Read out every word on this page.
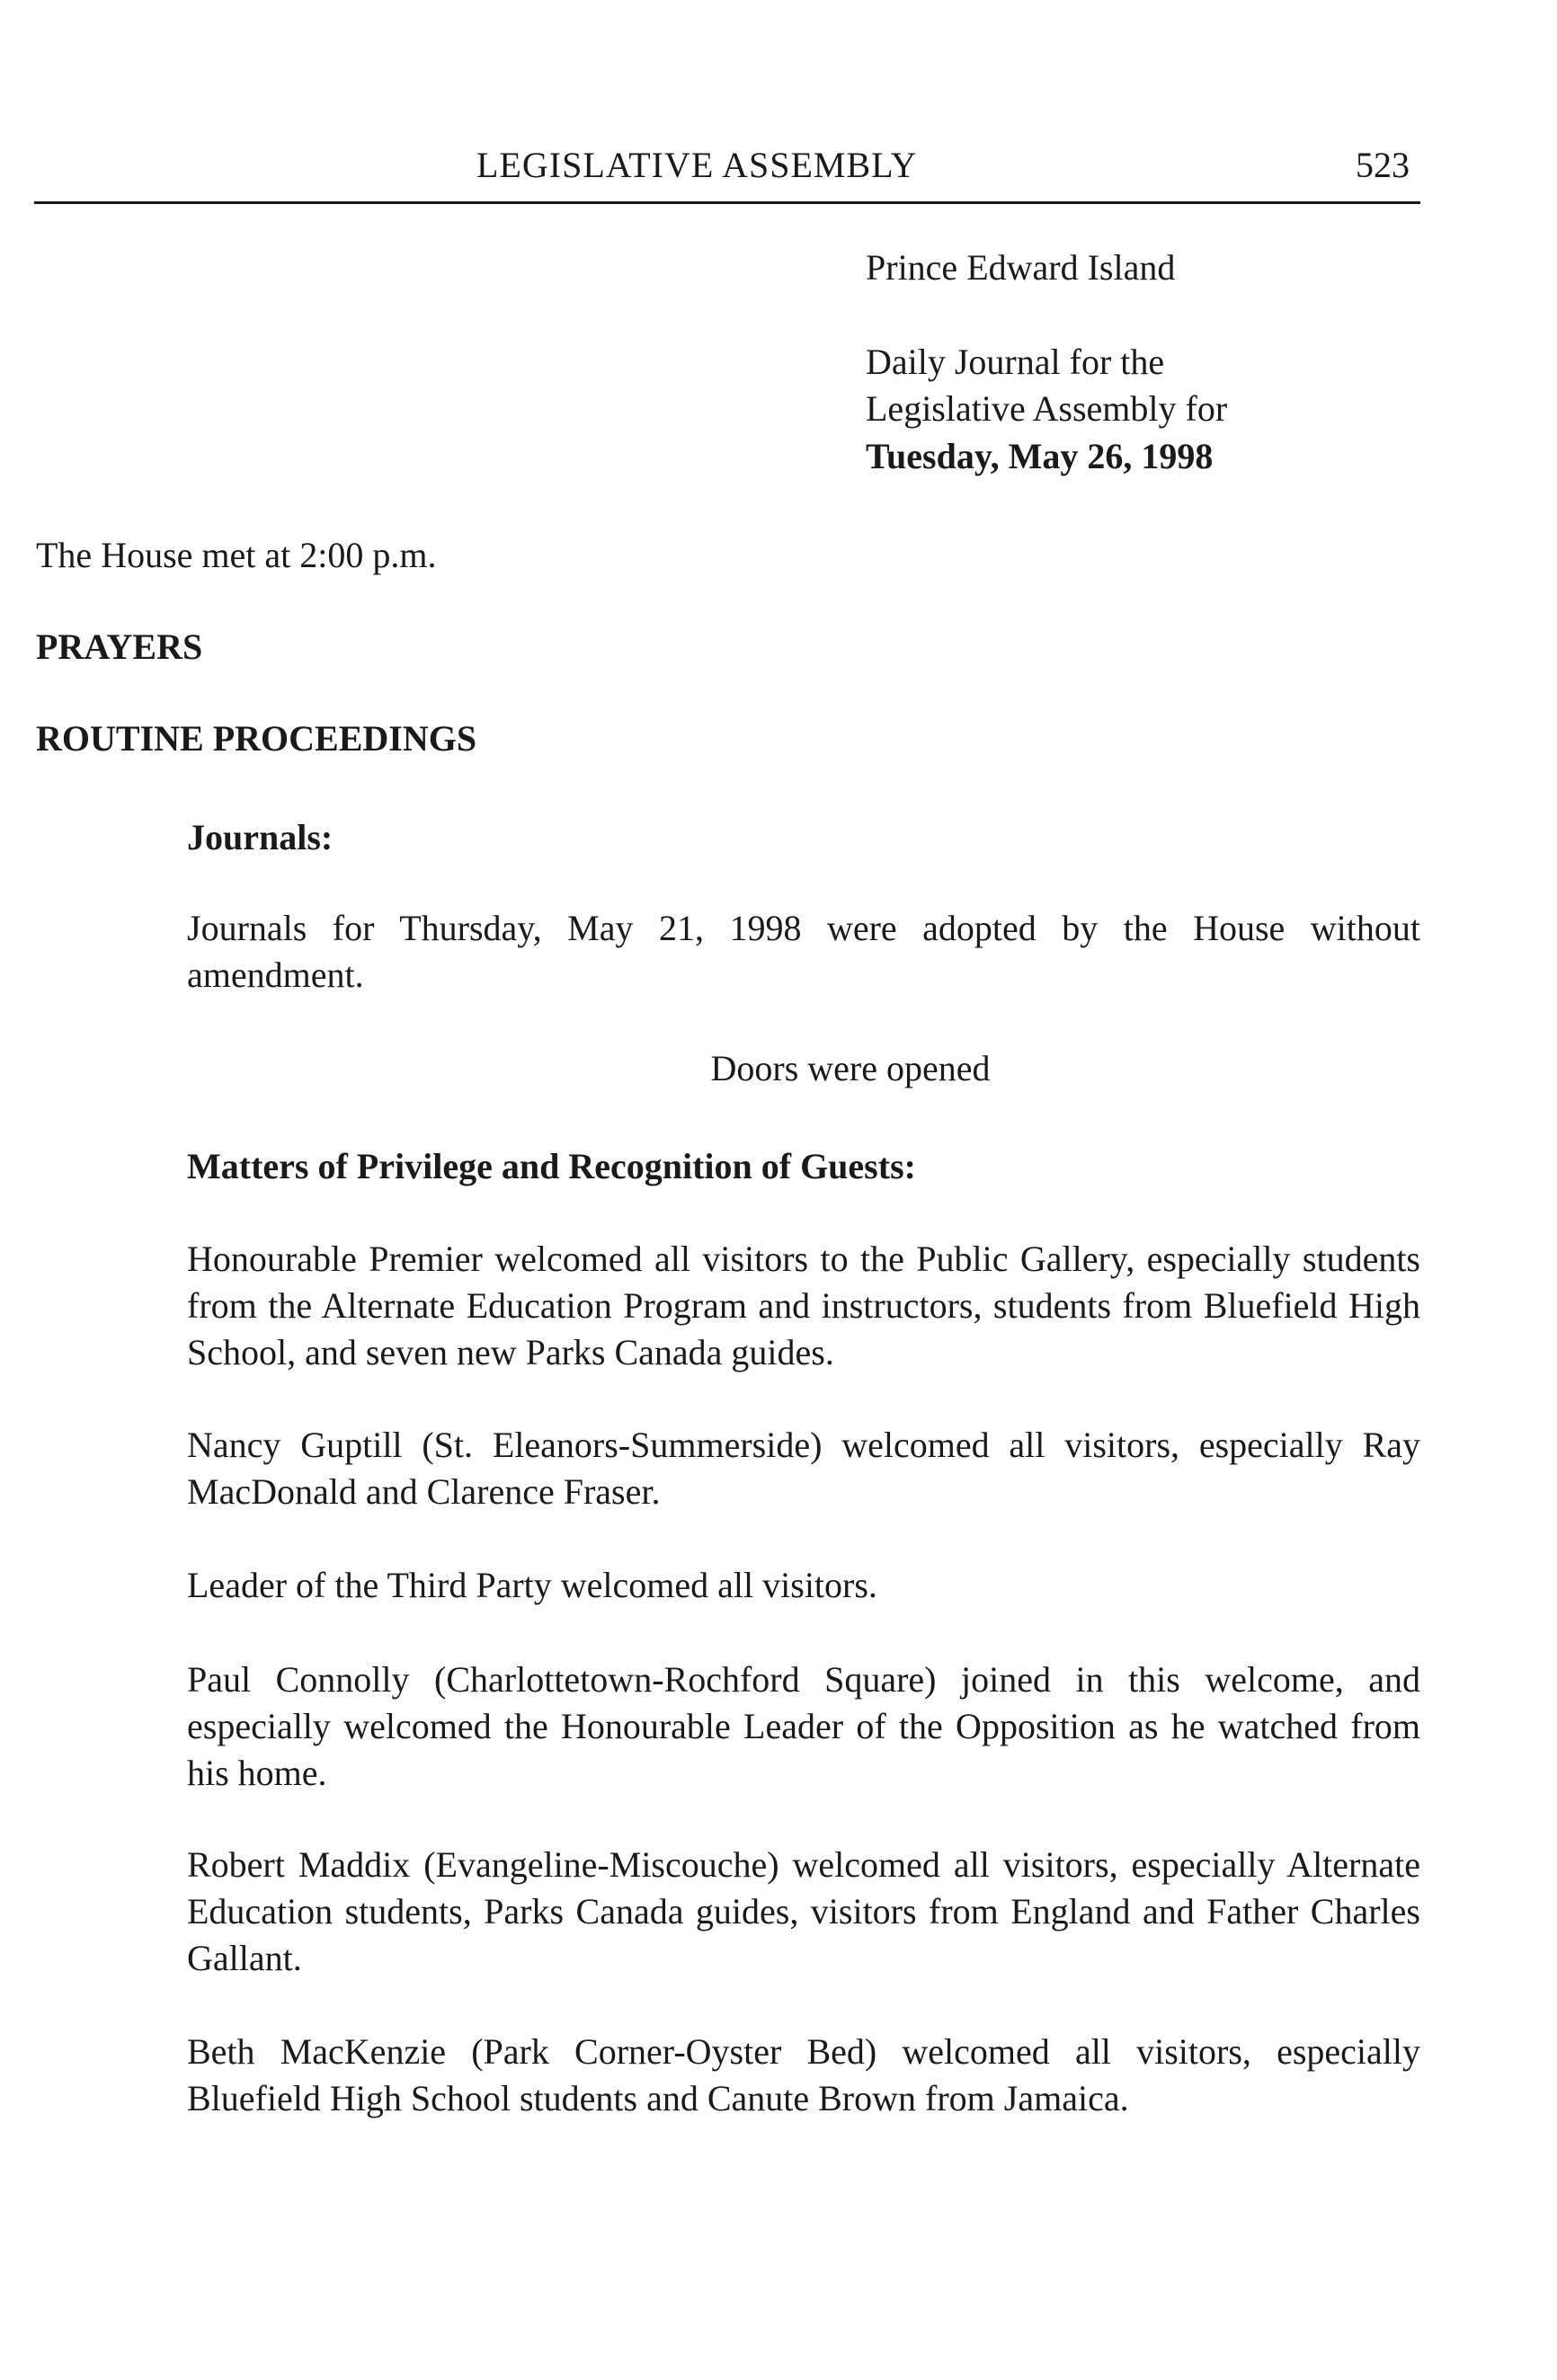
LEGISLATIVE ASSEMBLY	523
Prince Edward Island
Daily Journal for the
Legislative Assembly for
Tuesday, May 26, 1998
The House met at 2:00 p.m.
PRAYERS
ROUTINE PROCEEDINGS
Journals:
Journals for Thursday, May 21, 1998 were adopted by the House without amendment.
Doors were opened
Matters of Privilege and Recognition of Guests:
Honourable Premier welcomed all visitors to the Public Gallery, especially students from the Alternate Education Program and instructors, students from Bluefield High School, and seven new Parks Canada guides.
Nancy Guptill (St. Eleanors-Summerside) welcomed all visitors, especially Ray MacDonald and Clarence Fraser.
Leader of the Third Party welcomed all visitors.
Paul Connolly (Charlottetown-Rochford Square) joined in this welcome, and especially welcomed the Honourable Leader of the Opposition as he watched from his home.
Robert Maddix (Evangeline-Miscouche) welcomed all visitors, especially Alternate Education students, Parks Canada guides, visitors from England and Father Charles Gallant.
Beth MacKenzie (Park Corner-Oyster Bed) welcomed all visitors, especially Bluefield High School students and Canute Brown from Jamaica.
